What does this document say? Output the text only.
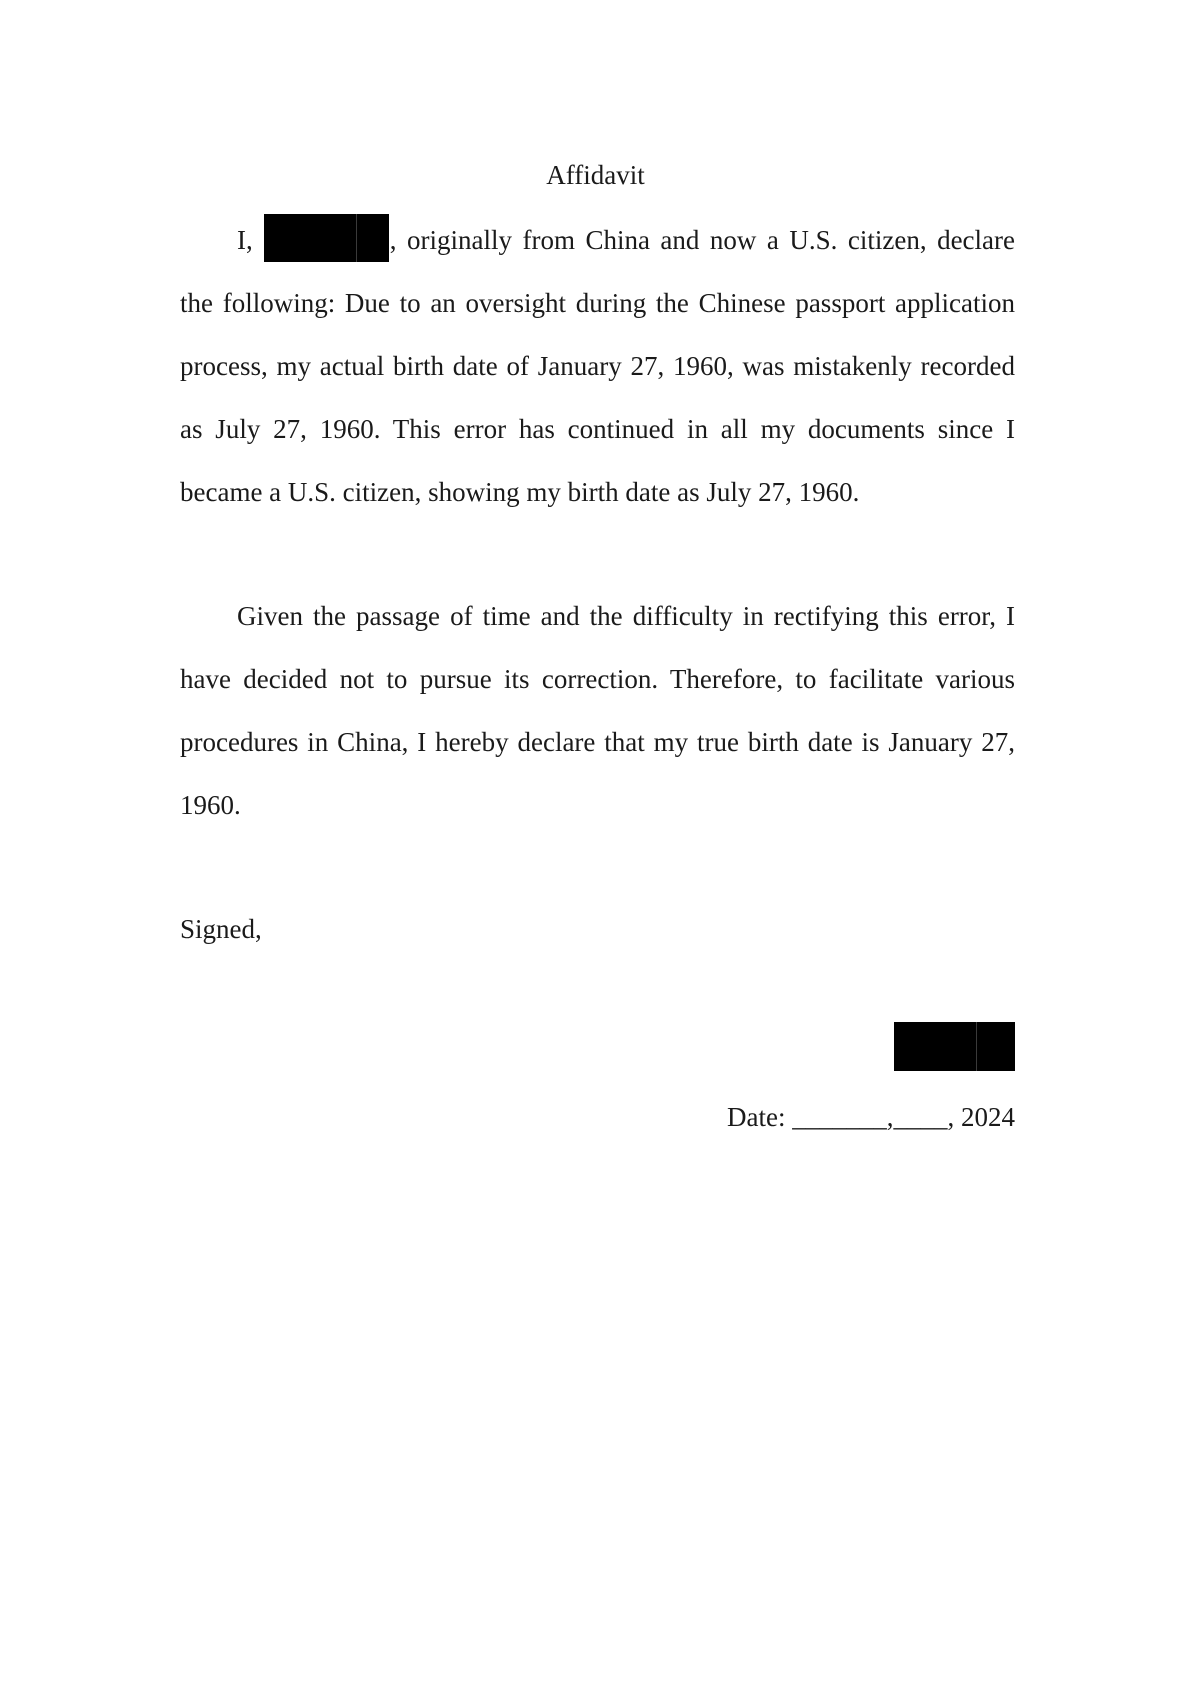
Affidavit
I,	, originally from China and now a U.S. citizen, declare the following: Due to an oversight during the Chinese passport application process, my actual birth date of January 27, 1960, was mistakenly recorded as July 27, 1960. This error has continued in all my documents since I became a U.S. citizen, showing my birth date as July 27, 1960.
Given the passage of time and the difficulty in rectifying this error, I have decided not to pursue its correction. Therefore, to facilitate various procedures in China, I hereby declare that my true birth date is January 27, 1960.
Signed,
Date: _______,____, 2024
